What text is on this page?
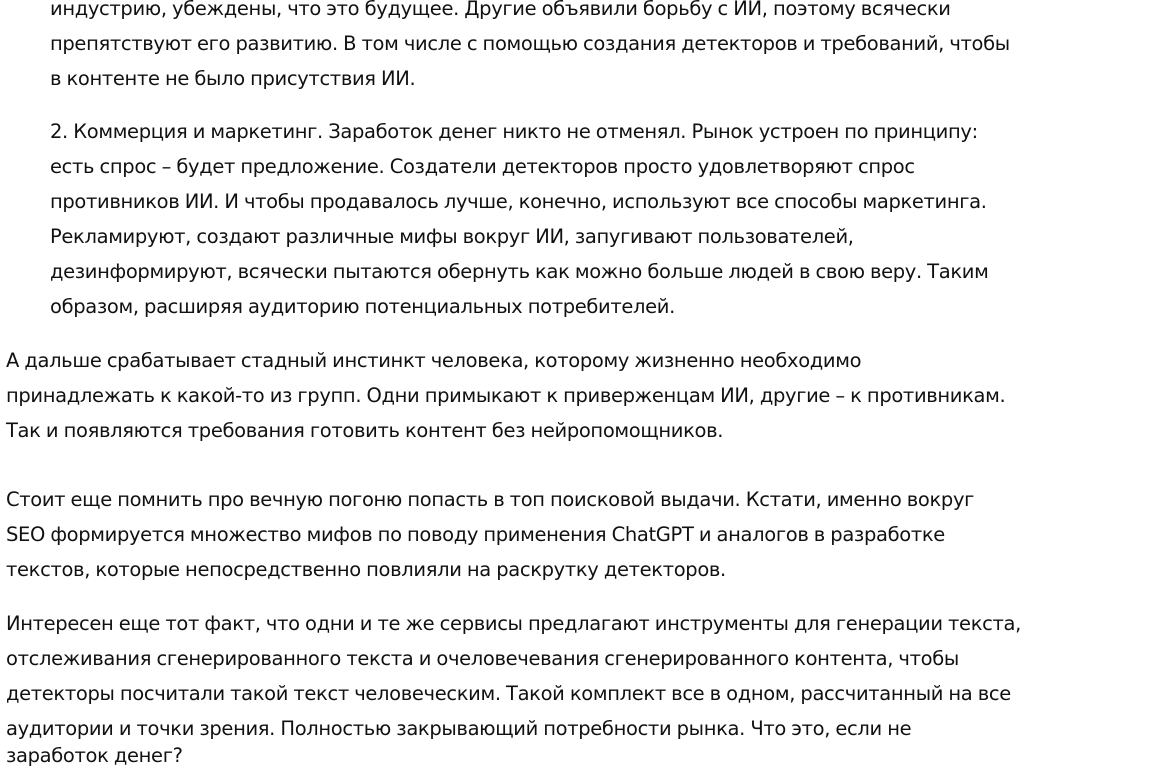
индустрию, убеждены, что это будущее. Другие объявили борьбу с ИИ, поэтому всячески
препятствуют его развитию. В том числе с помощью создания детекторов и требований, чтобы
в контенте не было присутствия ИИ.
2. Коммерция и маркетинг. Заработок денег никто не отменял. Рынок устроен по принципу:
есть спрос – будет предложение. Создатели детекторов просто удовлетворяют спрос
противников ИИ. И чтобы продавалось лучше, конечно, используют все способы маркетинга.
Рекламируют, создают различные мифы вокруг ИИ, запугивают пользователей,
дезинформируют, всячески пытаются обернуть как можно больше людей в свою веру. Таким
образом, расширяя аудиторию потенциальных потребителей.
А дальше срабатывает стадный инстинкт человека, которому жизненно необходимо
принадлежать к какой-то из групп. Одни примыкают к приверженцам ИИ, другие – к противникам.
Так и появляются требования готовить контент без нейропомощников.
Стоит еще помнить про вечную погоню попасть в топ поисковой выдачи. Кстати, именно вокруг
SEO формируется множество мифов по поводу применения ChatGPT и аналогов в разработке
текстов, которые непосредственно повлияли на раскрутку детекторов.
Интересен еще тот факт, что одни и те же сервисы предлагают инструменты для генерации текста,
отслеживания сгенерированного текста и очеловечевания сгенерированного контента, чтобы
детекторы посчитали такой текст человеческим. Такой комплект все в одном, рассчитанный на все
аудитории и точки зрения. Полностью закрывающий потребности рынка. Что это, если не
заработок денег?
